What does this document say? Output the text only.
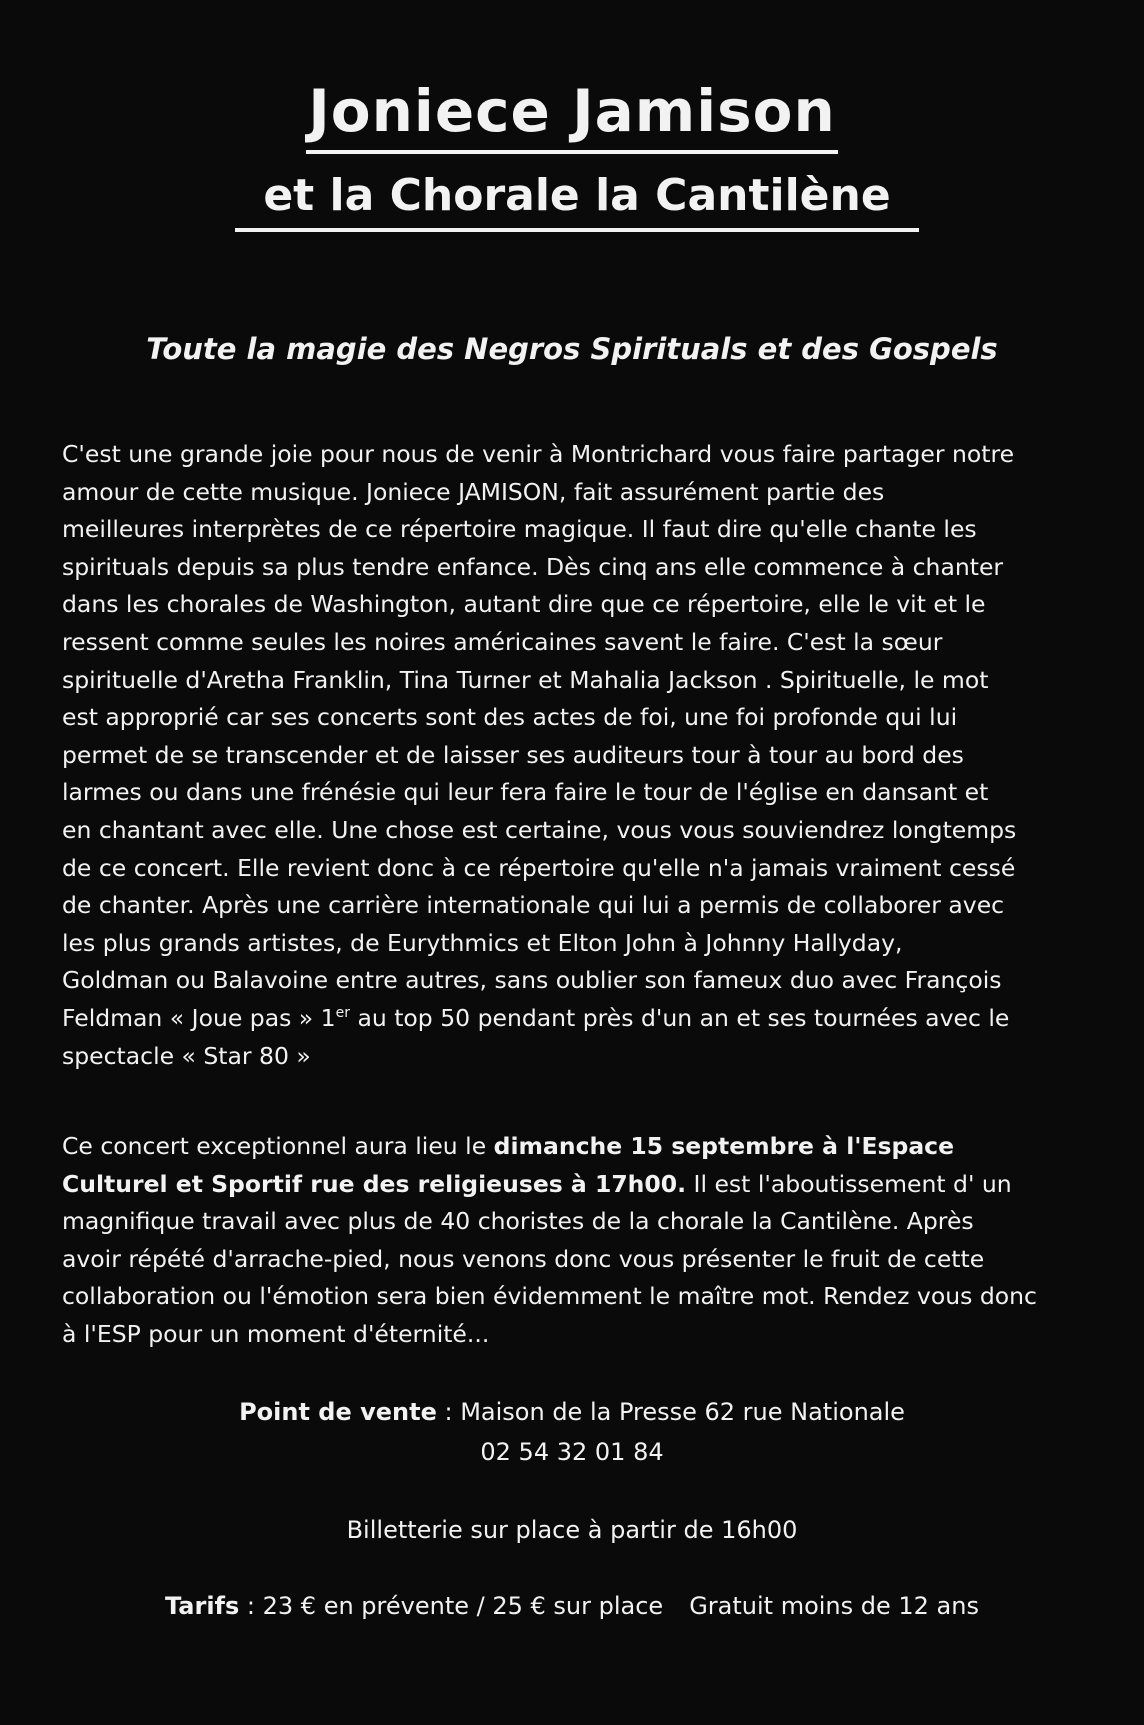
Joniece Jamison
et la Chorale la Cantilène
Toute la magie des Negros Spirituals et des Gospels
C'est une grande joie pour nous de venir à Montrichard vous faire partager notre
amour de cette musique. Joniece JAMISON, fait assurément partie des
meilleures interprètes de ce répertoire magique. Il faut dire qu'elle chante les
spirituals depuis sa plus tendre enfance. Dès cinq ans elle commence à chanter
dans les chorales de Washington, autant dire que ce répertoire, elle le vit et le
ressent comme seules les noires américaines savent le faire. C'est la sœur
spirituelle d'Aretha Franklin, Tina Turner et Mahalia Jackson . Spirituelle, le mot
est approprié car ses concerts sont des actes de foi, une foi profonde qui lui
permet de se transcender et de laisser ses auditeurs tour à tour au bord des
larmes ou dans une frénésie qui leur fera faire le tour de l'église en dansant et
en chantant avec elle. Une chose est certaine, vous vous souviendrez longtemps
de ce concert. Elle revient donc à ce répertoire qu'elle n'a jamais vraiment cessé
de chanter. Après une carrière internationale qui lui a permis de collaborer avec
les plus grands artistes, de Eurythmics et Elton John à Johnny Hallyday,
Goldman ou Balavoine entre autres, sans oublier son fameux duo avec François
Feldman « Joue pas » 1er au top 50 pendant près d'un an et ses tournées avec le
spectacle « Star 80 »
Ce concert exceptionnel aura lieu le dimanche 15 septembre à l'Espace
Culturel et Sportif rue des religieuses à 17h00. Il est l'aboutissement d' un
magnifique travail avec plus de 40 choristes de la chorale la Cantilène. Après
avoir répété d'arrache-pied, nous venons donc vous présenter le fruit de cette
collaboration ou l'émotion sera bien évidemment le maître mot. Rendez vous donc
à l'ESP pour un moment d'éternité...
Point de vente : Maison de la Presse 62 rue Nationale
02 54 32 01 84
Billetterie sur place à partir de 16h00
Tarifs : 23 € en prévente / 25 € sur place Gratuit moins de 12 ans
